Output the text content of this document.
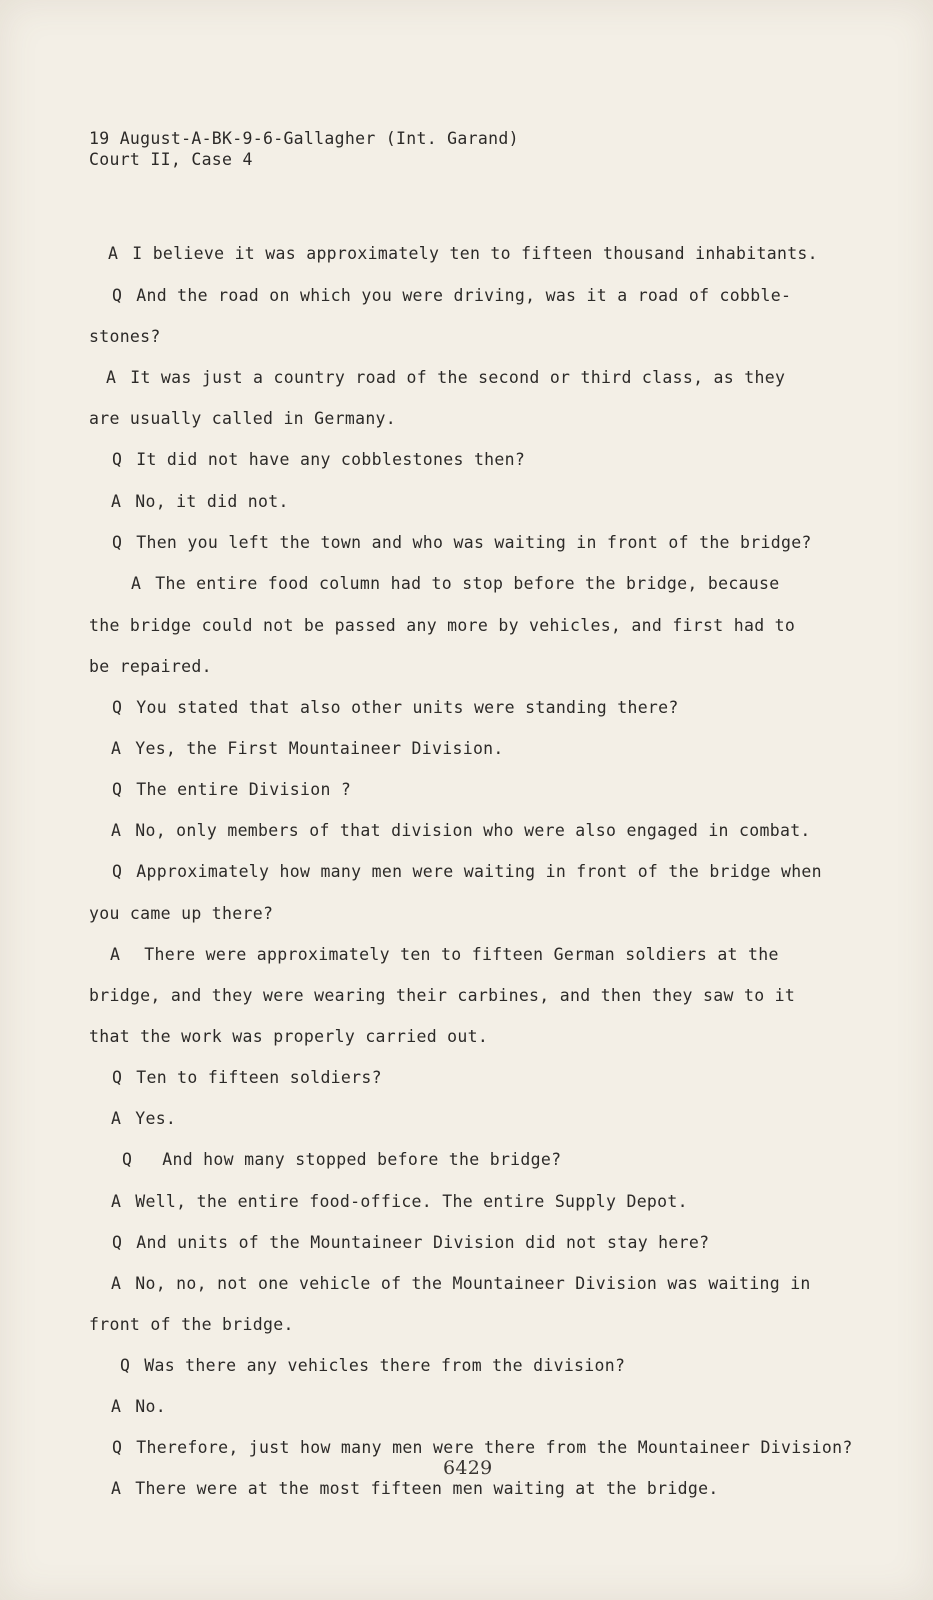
19 August-A-BK-9-6-Gallagher (Int. Garand)
Court II, Case 4
A I believe it was approximately ten to fifteen thousand inhabitants.
Q And the road on which you were driving, was it a road of cobble-
stones?
A It was just a country road of the second or third class, as they
are usually called in Germany.
Q It did not have any cobblestones then?
A No, it did not.
Q Then you left the town and who was waiting in front of the bridge?
A The entire food column had to stop before the bridge, because
the bridge could not be passed any more by vehicles, and first had to
be repaired.
Q You stated that also other units were standing there?
A Yes, the First Mountaineer Division.
Q The entire Division ?
A No, only members of that division who were also engaged in combat.
Q Approximately how many men were waiting in front of the bridge when
you came up there?
A There were approximately ten to fifteen German soldiers at the
bridge, and they were wearing their carbines, and then they saw to it
that the work was properly carried out.
Q Ten to fifteen soldiers?
A Yes.
Q And how many stopped before the bridge?
A Well, the entire food-office. The entire Supply Depot.
Q And units of the Mountaineer Division did not stay here?
A No, no, not one vehicle of the Mountaineer Division was waiting in
front of the bridge.
Q Was there any vehicles there from the division?
A No.
Q Therefore, just how many men were there from the Mountaineer Division?
A There were at the most fifteen men waiting at the bridge.
6429
